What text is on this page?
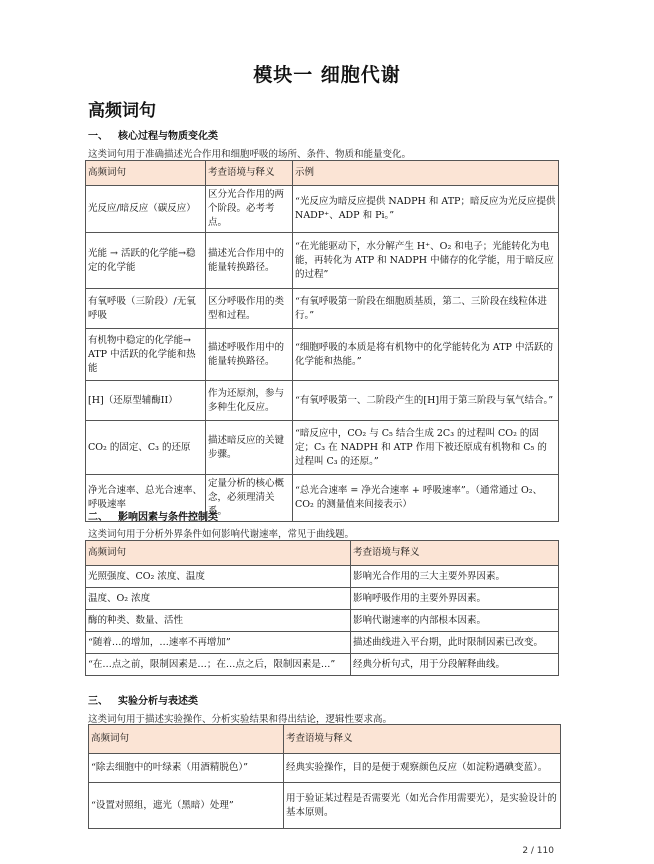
模块一 细胞代谢
高频词句
一、 核心过程与物质变化类
这类词句用于准确描述光合作用和细胞呼吸的场所、条件、物质和能量变化。
高频词句	考查语境与释义	示例
光反应/暗反应（碳反应）	区分光合作用的两个阶段。必考考点。	“光反应为暗反应提供 NADPH 和 ATP；暗反应为光反应提供 NADP⁺、ADP 和 Pi。”
光能 → 活跃的化学能→稳定的化学能	描述光合作用中的能量转换路径。	“在光能驱动下，水分解产生 H⁺、O₂ 和电子；光能转化为电能，再转化为 ATP 和 NADPH 中储存的化学能，用于暗反应的过程”
有氧呼吸（三阶段）/无氧呼吸	区分呼吸作用的类型和过程。	“有氧呼吸第一阶段在细胞质基质，第二、三阶段在线粒体进行。”
有机物中稳定的化学能→ ATP 中活跃的化学能和热能	描述呼吸作用中的能量转换路径。	“细胞呼吸的本质是将有机物中的化学能转化为 ATP 中活跃的化学能和热能。”
[H]（还原型辅酶II）	作为还原剂，参与多种生化反应。	“有氧呼吸第一、二阶段产生的[H]用于第三阶段与氧气结合。”
CO₂ 的固定、C₃ 的还原	描述暗反应的关键步骤。	“暗反应中，CO₂ 与 C₅ 结合生成 2C₃ 的过程叫 CO₂ 的固定；C₃ 在 NADPH 和 ATP 作用下被还原成有机物和 C₅ 的过程叫 C₃ 的还原。”
净光合速率、总光合速率、呼吸速率	定量分析的核心概念，必须理清关系。	“总光合速率 = 净光合速率 + 呼吸速率”。（通常通过 O₂、CO₂ 的测量值来间接表示）
二、 影响因素与条件控制类
这类词句用于分析外界条件如何影响代谢速率，常见于曲线题。
高频词句	考查语境与释义
光照强度、CO₂ 浓度、温度	影响光合作用的三大主要外界因素。
温度、O₂ 浓度	影响呼吸作用的主要外界因素。
酶的种类、数量、活性	影响代谢速率的内部根本因素。
“随着…的增加，…速率不再增加”	描述曲线进入平台期，此时限制因素已改变。
“在…点之前，限制因素是…；在…点之后，限制因素是…”	经典分析句式，用于分段解释曲线。
三、 实验分析与表述类
这类词句用于描述实验操作、分析实验结果和得出结论，逻辑性要求高。
高频词句	考查语境与释义
“除去细胞中的叶绿素（用酒精脱色）”	经典实验操作，目的是便于观察颜色反应（如淀粉遇碘变蓝）。
“设置对照组，遮光（黑暗）处理”	用于验证某过程是否需要光（如光合作用需要光），是实验设计的基本原则。
2 / 110
